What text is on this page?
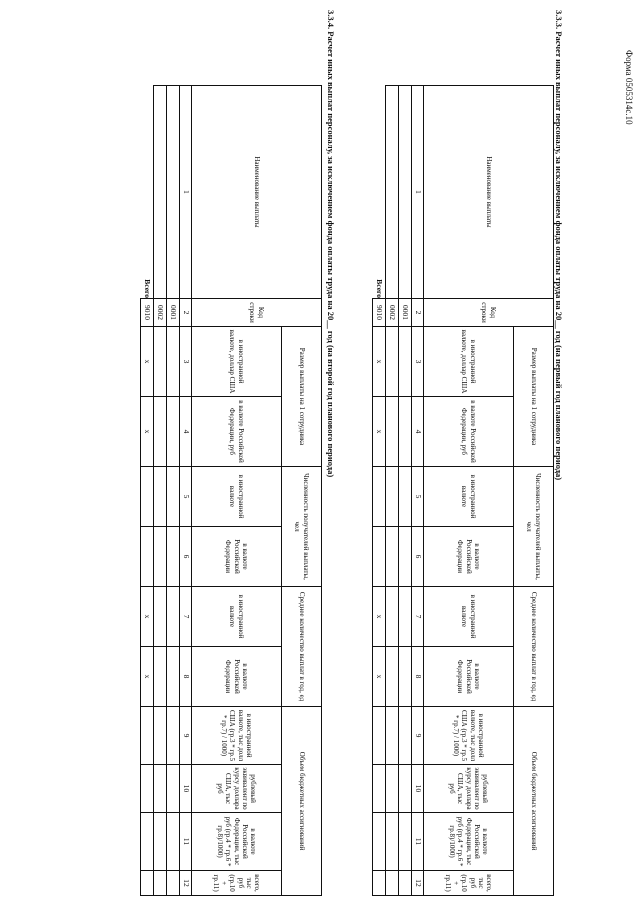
Форма 0505314с.10
3.3.3. Расчет иных выплат персоналу, за исключением фонда оплаты труда на 20__ год (на первый год планового периода)
Наименование выплаты	Код строки	Размер выплаты на 1 сотрудника		Численность получателей выплаты, чел		Среднее количество выплат в год, ед		Объем бюджетных ассигнований			
		в иностранной валюте, доллар США	в валюте Российской Федерации, руб	в иностранной валюте	в валюте Российской Федерации	в иностранной валюте	в валюте Российской Федерации	в иностранной валюте, тыс долл США (гр.3 * гр.5 * гр.7) / 1000)	рублевый эквивалент по курсу доллара США, тыс руб	в валюте Российской Федерации, тыс руб (гр.4 * гр.6 * гр.8)/1000)	всего, тыс руб (гр.10 + гр.11)
1	2	3	4	5	6	7	8	9	10	11	12
	0001										
	0002										
Всего	9010	x	x			x	x				
3.3.4. Расчет иных выплат персоналу, за исключением фонда оплаты труда на 20__ год (на второй год планового периода)
Наименование выплаты	Код строки	Размер выплаты на 1 сотрудника		Численность получателей выплаты, чел		Среднее количество выплат в год, ед		Объем бюджетных ассигнований			
		в иностранной валюте, доллар США	в валюте Российской Федерации, руб	в иностранной валюте	в валюте Российской Федерации	в иностранной валюте	в валюте Российской Федерации	в иностранной валюте, тыс долл США (гр.3 * гр.5 * гр.7) / 1000)	рублевый эквивалент по курсу доллара США, тыс руб	в валюте Российской Федерации, тыс руб (гр.4 * гр.6 * гр.8)/1000)	всего, тыс руб (гр.10 + гр.11)
1	2	3	4	5	6	7	8	9	10	11	12
	0001										
	0002										
Всего	9010	x	x			x	x				
